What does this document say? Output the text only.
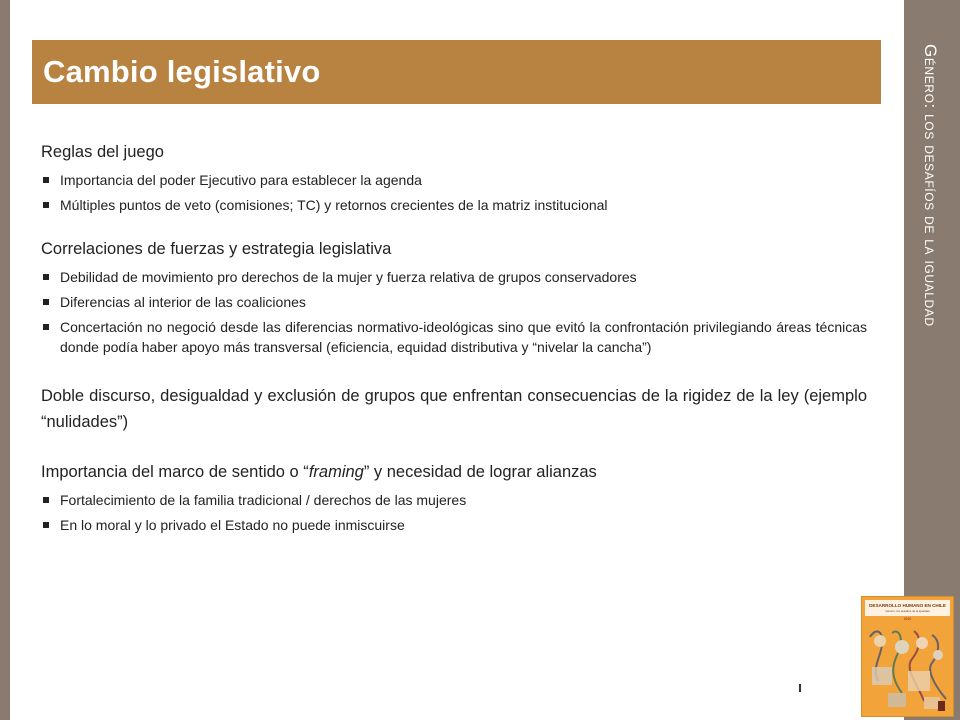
Cambio legislativo

Reglas del juego

Importancia del poder Ejecutivo para establecer la agenda
Múltiples puntos de veto (comisiones; TC) y retornos crecientes de la matriz institucional

Correlaciones de fuerzas y estrategia legislativa

Debilidad de movimiento pro derechos de la mujer y fuerza relativa de grupos conservadores
Diferencias al interior de las coaliciones
Concertación no negoció desde las diferencias normativo-ideológicas sino que evitó la confrontación privilegiando áreas técnicas donde podía haber apoyo más transversal (eficiencia, equidad distributiva y “nivelar la cancha”)

Doble discurso, desigualdad y exclusión de grupos que enfrentan consecuencias de la rigidez de la ley (ejemplo “nulidades”)

Importancia del marco de sentido o “framing” y necesidad de lograr alianzas

Fortalecimiento de la familia tradicional / derechos de las mujeres
En lo moral y lo privado el Estado no puede inmiscuirse
Género: los desafíos de la igualdad
DESARROLLO HUMANO EN CHILE
Género: los desafíos de la igualdad
2010
